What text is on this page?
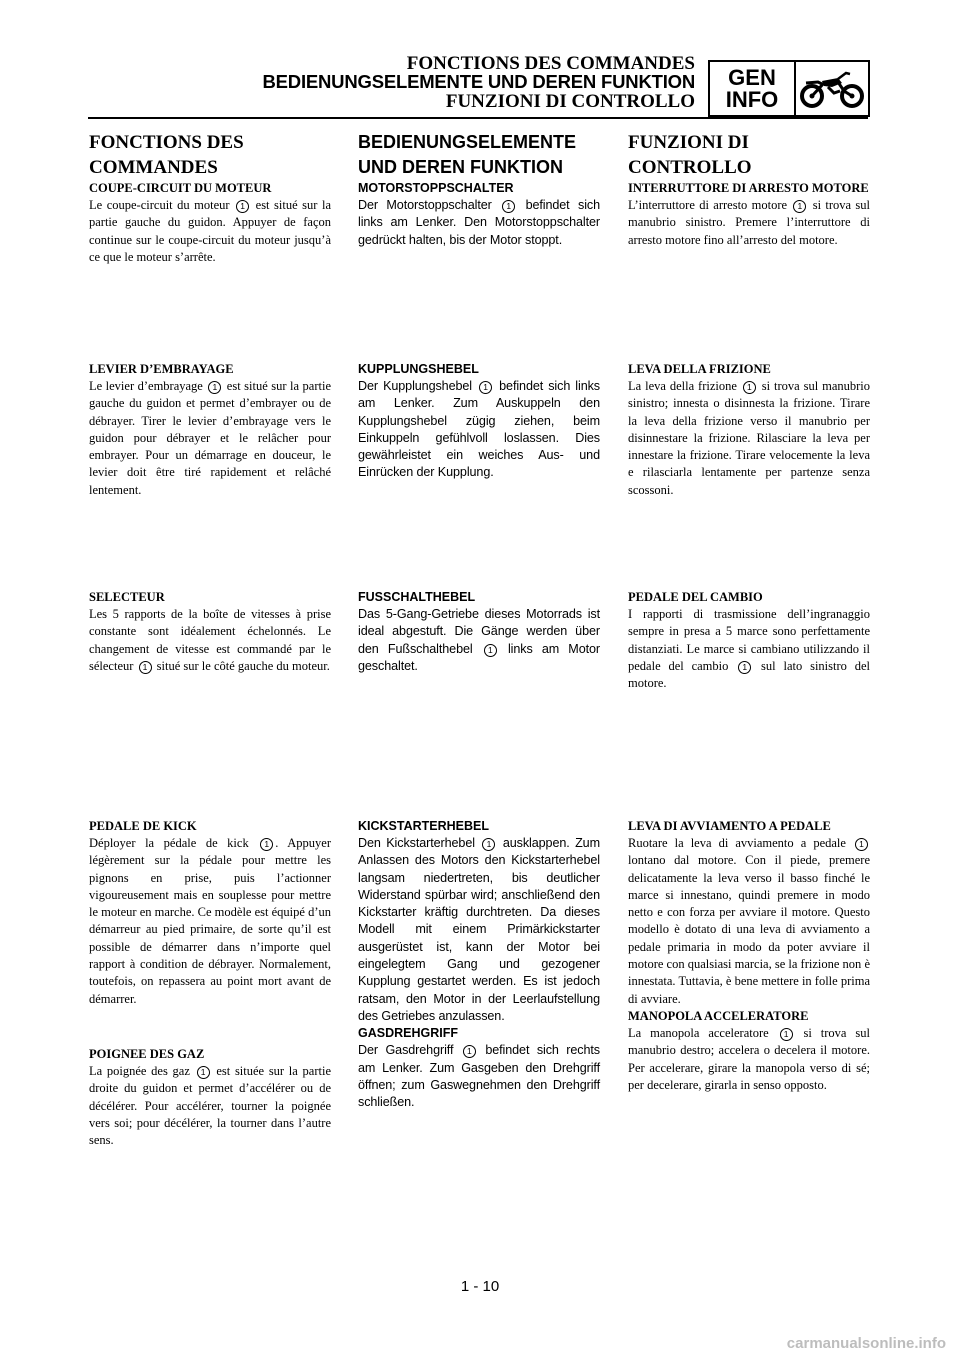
FONCTIONS DES COMMANDES
BEDIENUNGSELEMENTE UND DEREN FUNKTION
FUNZIONI DI CONTROLLO
GEN
INFO
FONCTIONS DES
COMMANDES
COUPE-CIRCUIT DU MOTEUR
Le coupe-circuit du moteur 1 est situé sur la partie gauche du guidon. Appuyer de façon continue sur le coupe-circuit du moteur jusqu’à ce que le moteur s’arrête.
LEVIER D’EMBRAYAGE
Le levier d’embrayage 1 est situé sur la partie gauche du guidon et permet d’embrayer ou de débrayer. Tirer le levier d’embrayage vers le guidon pour débrayer et le relâcher pour embrayer. Pour un démarrage en douceur, le levier doit être tiré rapidement et relâché lentement.
SELECTEUR
Les 5 rapports de la boîte de vitesses à prise constante sont idéalement échelonnés. Le changement de vitesse est commandé par le sélecteur 1 situé sur le côté gauche du moteur.
PEDALE DE KICK
Déployer la pédale de kick 1 . Appuyer légèrement sur la pédale pour mettre les pignons en prise, puis l’actionner vigoureusement mais en souplesse pour mettre le moteur en marche. Ce modèle est équipé d’un démarreur au pied primaire, de sorte qu’il est possible de démarrer dans n’importe quel rapport à condition de débrayer. Normalement, toutefois, on repassera au point mort avant de démarrer.
POIGNEE DES GAZ
La poignée des gaz 1 est située sur la partie droite du guidon et permet d’accélérer ou de décélérer. Pour accélérer, tourner la poignée vers soi; pour décélérer, la tourner dans l’autre sens.
BEDIENUNGSELEMENTE
UND DEREN FUNKTION
MOTORSTOPPSCHALTER
Der Motorstoppschalter 1 befindet sich links am Lenker. Den Motorstoppschalter gedrückt halten, bis der Motor stoppt.
KUPPLUNGSHEBEL
Der Kupplungshebel 1 befindet sich links am Lenker. Zum Auskuppeln den Kupplungshebel zügig ziehen, beim Einkuppeln gefühlvoll loslassen. Dies gewährleistet ein weiches Aus- und Einrücken der Kupplung.
FUSSCHALTHEBEL
Das 5-Gang-Getriebe dieses Motorrads ist ideal abgestuft. Die Gänge werden über den Fußschalthebel 1 links am Motor geschaltet.
KICKSTARTERHEBEL
Den Kickstarterhebel 1 ausklappen. Zum Anlassen des Motors den Kickstarterhebel langsam niedertreten, bis deutlicher Widerstand spürbar wird; anschließend den Kickstarter kräftig durchtreten. Da dieses Modell mit einem Primärkickstarter ausgerüstet ist, kann der Motor bei eingelegtem Gang und gezogener Kupplung gestartet werden. Es ist jedoch ratsam, den Motor in der Leerlaufstellung des Getriebes anzulassen.
GASDREHGRIFF
Der Gasdrehgriff 1 befindet sich rechts am Lenker. Zum Gasgeben den Drehgriff öffnen; zum Gaswegnehmen den Drehgriff schließen.
FUNZIONI DI
CONTROLLO
INTERRUTTORE DI ARRESTO MOTORE
L’interruttore di arresto motore 1 si trova sul manubrio sinistro. Premere l’interruttore di arresto motore fino all’arresto del motore.
LEVA DELLA FRIZIONE
La leva della frizione 1 si trova sul manubrio sinistro; innesta o disinnesta la frizione. Tirare la leva della frizione verso il manubrio per disinnestare la frizione. Rilasciare la leva per innestare la frizione. Tirare velocemente la leva e rilasciarla lentamente per partenze senza scossoni.
PEDALE DEL CAMBIO
I rapporti di trasmissione dell’ingranaggio sempre in presa a 5 marce sono perfettamente distanziati. Le marce si cambiano utilizzando il pedale del cambio 1 sul lato sinistro del motore.
LEVA DI AVVIAMENTO A PEDALE
Ruotare la leva di avviamento a pedale 1 lontano dal motore. Con il piede, premere delicatamente la leva verso il basso finché le marce si innestano, quindi premere in modo netto e con forza per avviare il motore. Questo modello è dotato di una leva di avviamento a pedale primaria in modo da poter avviare il motore con qualsiasi marcia, se la frizione non è innestata. Tuttavia, è bene mettere in folle prima di avviare.
MANOPOLA ACCELERATORE
La manopola acceleratore 1 si trova sul manubrio destro; accelera o decelera il motore. Per accelerare, girare la manopola verso di sé; per decelerare, girarla in senso opposto.
1 - 10
carmanualsonline.info
